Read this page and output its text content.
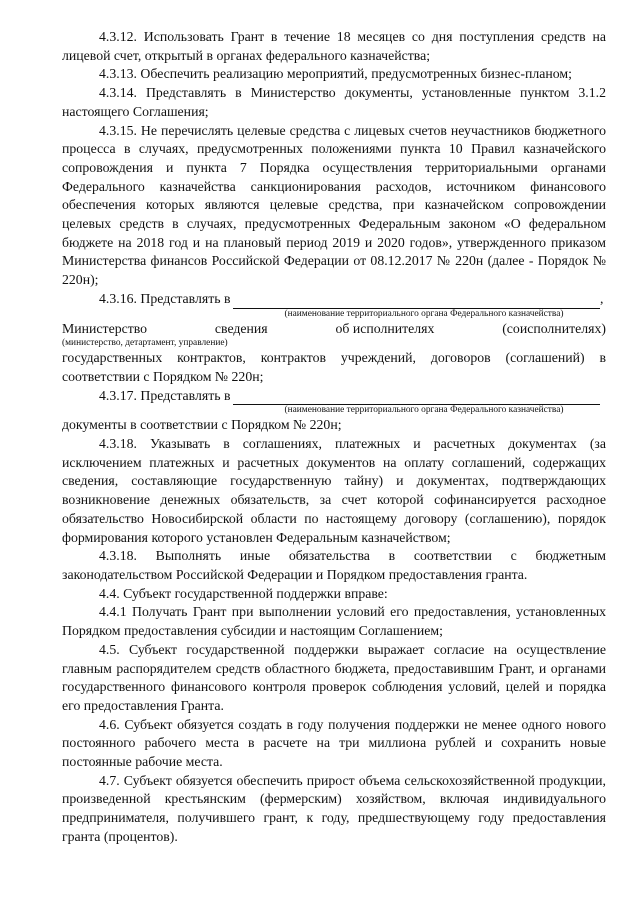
4.3.12. Использовать Грант в течение 18 месяцев со дня поступления средств на лицевой счет, открытый в органах федерального казначейства;

4.3.13. Обеспечить реализацию мероприятий, предусмотренных бизнес-планом;

4.3.14. Представлять в Министерство документы, установленные пунктом 3.1.2 настоящего Соглашения;

4.3.15. Не перечислять целевые средства с лицевых счетов неучастников бюджетного процесса в случаях, предусмотренных положениями пункта 10 Правил казначейского сопровождения и пункта 7 Порядка осуществления территориальными органами Федерального казначейства санкционирования расходов, источником финансового обеспечения которых являются целевые средства, при казначейском сопровождении целевых средств в случаях, предусмотренных Федеральным законом «О федеральном бюджете на 2018 год и на плановый период 2019 и 2020 годов», утвержденного приказом Министерства финансов Российской Федерации от 08.12.2017 № 220н (далее - Порядок № 220н);

4.3.16. Представлять в	,

(наименование территориального органа Федерального казначейства)

Министерство	сведения	об исполнителях	(соисполнителях)

(министерство, детартамент, управление)

государственных контрактов, контрактов учреждений, договоров (соглашений) в соответствии с Порядком № 220н;

4.3.17. Представлять в

(наименование территориального органа Федерального казначейства)

документы в соответствии с Порядком № 220н;

4.3.18. Указывать в соглашениях, платежных и расчетных документах (за исключением платежных и расчетных документов на оплату соглашений, содержащих сведения, составляющие государственную тайну) и документах, подтверждающих возникновение денежных обязательств, за счет которой софинансируется расходное обязательство Новосибирской области по настоящему договору (соглашению), порядок формирования которого установлен Федеральным казначейством;

4.3.18. Выполнять иные обязательства в соответствии с бюджетным законодательством Российской Федерации и Порядком предоставления гранта.

4.4. Субъект государственной поддержки вправе:

4.4.1 Получать Грант при выполнении условий его предоставления, установленных Порядком предоставления субсидии и настоящим Соглашением;

4.5. Субъект государственной поддержки выражает согласие на осуществление главным распорядителем средств областного бюджета, предоставившим Грант, и органами государственного финансового контроля проверок соблюдения условий, целей и порядка его предоставления Гранта.

4.6. Субъект обязуется создать в году получения поддержки не менее одного нового постоянного рабочего места в расчете на три миллиона рублей и сохранить новые постоянные рабочие места.

4.7. Субъект обязуется обеспечить прирост объема сельскохозяйственной продукции, произведенной крестьянским (фермерским) хозяйством, включая индивидуального предпринимателя, получившего грант, к году, предшествующему году предоставления гранта (процентов).
